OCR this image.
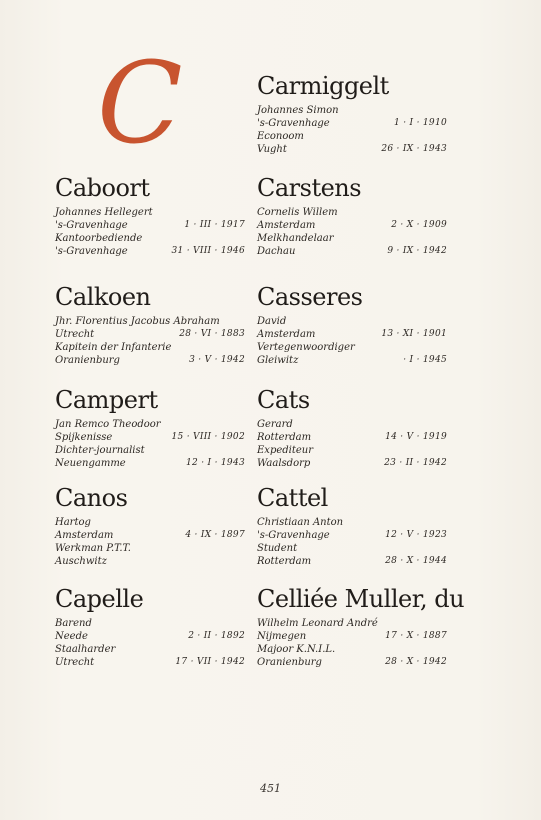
C
Caboort
Johannes Hellegert
's-Gravenhage	1 · III · 1917
Kantoorbediende
's-Gravenhage	31 · VIII · 1946
Calkoen
Jhr. Florentius Jacobus Abraham
Utrecht	28 · VI · 1883
Kapitein der Infanterie
Oranienburg	3 · V · 1942
Campert
Jan Remco Theodoor
Spijkenisse	15 · VIII · 1902
Dichter-journalist
Neuengamme	12 · I · 1943
Canos
Hartog
Amsterdam	4 · IX · 1897
Werkman P.T.T.
Auschwitz
Capelle
Barend
Neede	2 · II · 1892
Staalharder
Utrecht	17 · VII · 1942
Carmiggelt
Johannes Simon
's-Gravenhage	1 · I · 1910
Econoom
Vught	26 · IX · 1943
Carstens
Cornelis Willem
Amsterdam	2 · X · 1909
Melkhandelaar
Dachau	9 · IX · 1942
Casseres
David
Amsterdam	13 · XI · 1901
Vertegenwoordiger
Gleiwitz	· I · 1945
Cats
Gerard
Rotterdam	14 · V · 1919
Expediteur
Waalsdorp	23 · II · 1942
Cattel
Christiaan Anton
's-Gravenhage	12 · V · 1923
Student
Rotterdam	28 · X · 1944
Celliée Muller, du
Wilhelm Leonard André
Nijmegen	17 · X · 1887
Majoor K.N.I.L.
Oranienburg	28 · X · 1942
451
